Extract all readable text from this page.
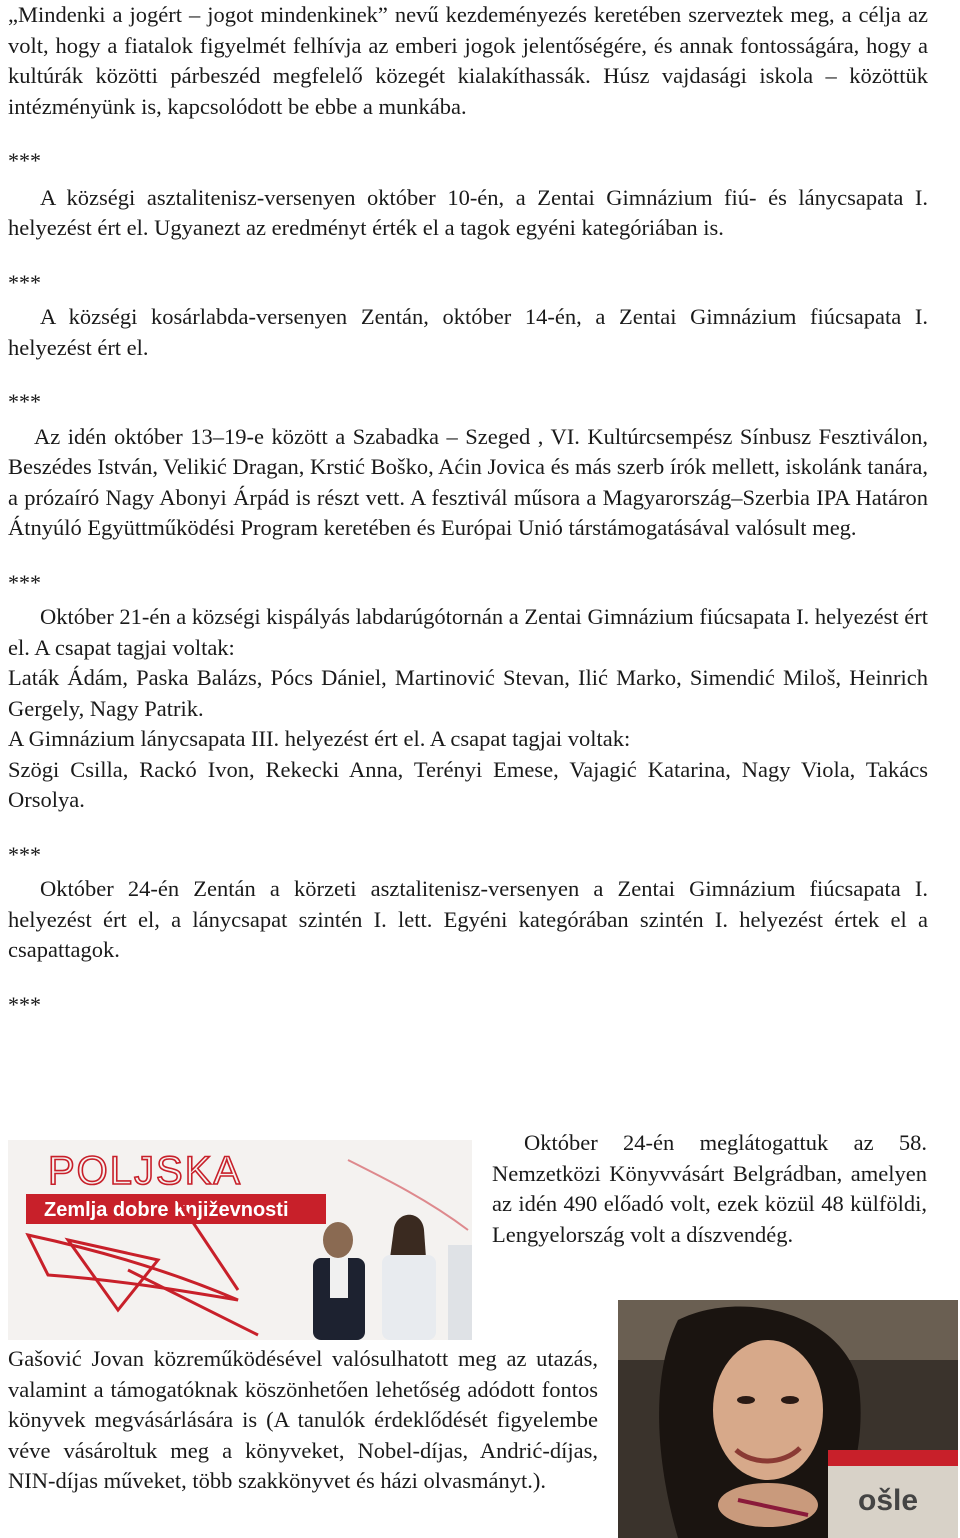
„Mindenki a jogért – jogot mindenkinek” nevű kezdeményezés keretében szerveztek meg, a célja az volt, hogy a fiatalok figyelmét felhívja az emberi jogok jelentőségére, és annak fontosságára, hogy a kultúrák közötti párbeszéd megfelelő közegét kialakíthassák. Húsz vajdasági iskola – közöttük intézményünk is, kapcsolódott be ebbe a munkába.

***

A községi asztalitenisz-versenyen október 10-én, a Zentai Gimnázium fiú- és lánycsapata I. helyezést ért el. Ugyanezt az eredményt érték el a tagok egyéni kategóriában is.

***

A községi kosárlabda-versenyen Zentán, október 14-én, a Zentai Gimnázium fiúcsapata I. helyezést ért el.

***

Az idén október 13–19-e között a Szabadka – Szeged , VI. Kultúrcsempész Sínbusz Fesztiválon, Beszédes István, Velikić Dragan, Krstić Boško, Aćin Jovica és más szerb írók mellett, iskolánk tanára, a prózaíró Nagy Abonyi Árpád is részt vett. A fesztivál műsora a Magyarország–Szerbia IPA Határon Átnyúló Együttműködési Program keretében és Európai Unió társtámogatásával valósult meg.

***

Október 21-én a községi kispályás labdarúgótornán a Zentai Gimnázium fiúcsapata I. helyezést ért el. A csapat tagjai voltak:

Laták Ádám, Paska Balázs, Pócs Dániel, Martinović Stevan, Ilić Marko, Simendić Miloš, Heinrich Gergely, Nagy Patrik.

A Gimnázium lánycsapata III. helyezést ért el. A csapat tagjai voltak:

Szögi Csilla, Rackó Ivon, Rekecki Anna, Terényi Emese, Vajagić Katarina, Nagy Viola, Takács Orsolya.

***

Október 24-én Zentán a körzeti asztalitenisz-versenyen a Zentai Gimnázium fiúcsapata I. helyezést ért el, a lánycsapat szintén I. lett. Egyéni kategórában szintén I. helyezést értek el a csapattagok.

***
POLJSKA
Zemlja dobre književnosti

Október 24-én meglátogattuk az 58. Nemzetközi Könyvvásárt Belgrádban, amelyen az idén 490 előadó volt, ezek közül 48 külföldi, Lengyelország volt a díszvendég.

ošle

Gašović Jovan közreműködésével valósulhatott meg az utazás, valamint a támogatóknak köszönhetően lehetőség adódott fontos könyvek megvásárlására is (A tanulók érdeklődését figyelembe véve vásároltuk meg a könyveket, Nobel-díjas, Andrić-díjas, NIN-díjas műveket, több szakkönyvet és házi olvasmányt.).
